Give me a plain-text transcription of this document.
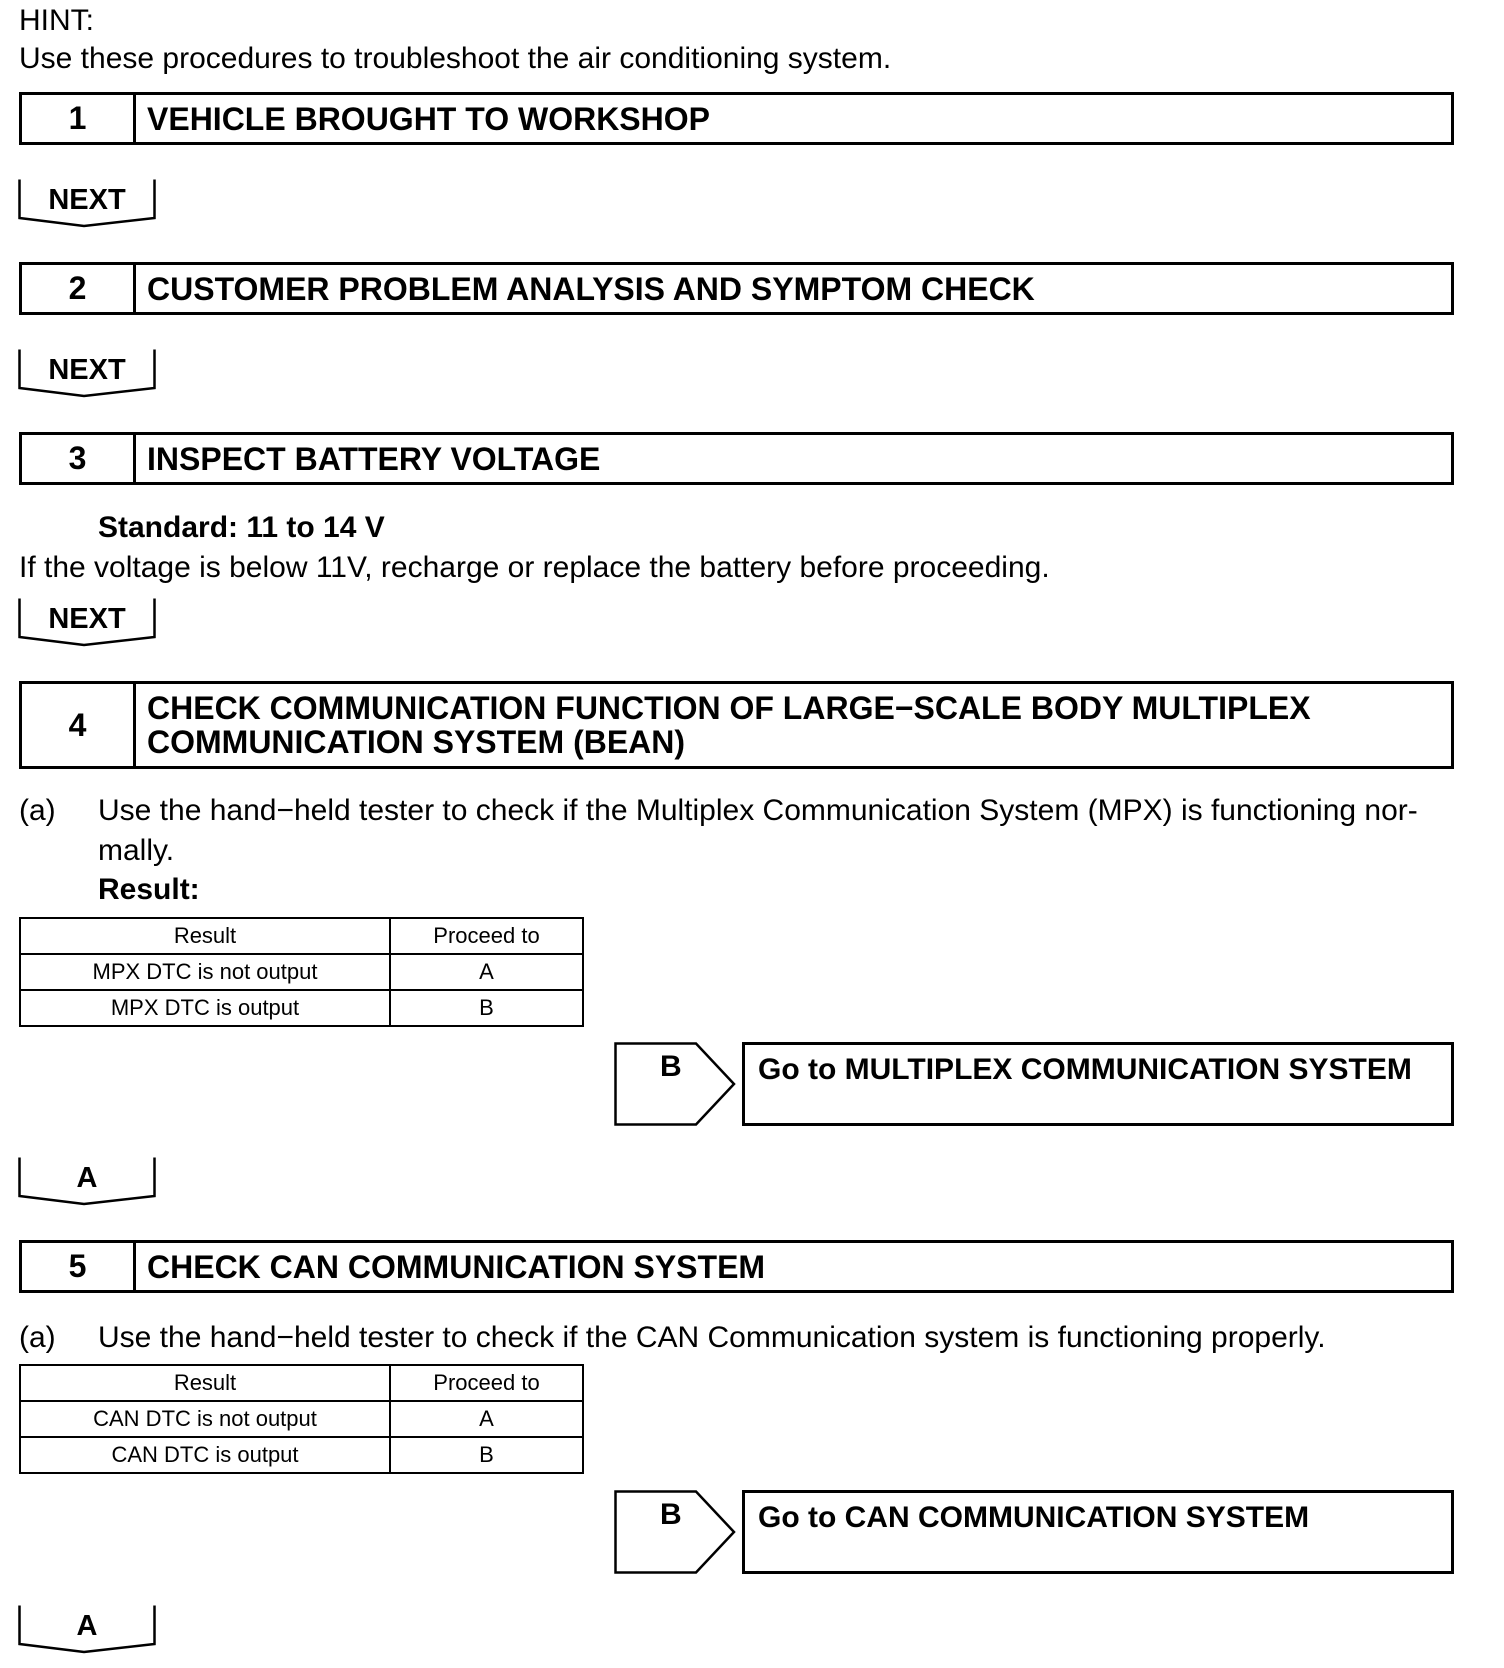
HINT:
Use these procedures to troubleshoot the air conditioning system.
1	VEHICLE BROUGHT TO WORKSHOP
NEXT
2	CUSTOMER PROBLEM ANALYSIS AND SYMPTOM CHECK
NEXT
3	INSPECT BATTERY VOLTAGE
Standard: 11 to 14 V
If the voltage is below 11V, recharge or replace the battery before proceeding.
NEXT
4	CHECK COMMUNICATION FUNCTION OF LARGE−SCALE BODY MULTIPLEX
COMMUNICATION SYSTEM (BEAN)
(a) Use the hand−held tester to check if the Multiplex Communication System (MPX) is functioning nor-
mally.
Result:
Result	Proceed to
MPX DTC is not output	A
MPX DTC is output	B
B	Go to MULTIPLEX COMMUNICATION SYSTEM
A
5	CHECK CAN COMMUNICATION SYSTEM
(a) Use the hand−held tester to check if the CAN Communication system is functioning properly.
Result	Proceed to
CAN DTC is not output	A
CAN DTC is output	B
B	Go to CAN COMMUNICATION SYSTEM
A
